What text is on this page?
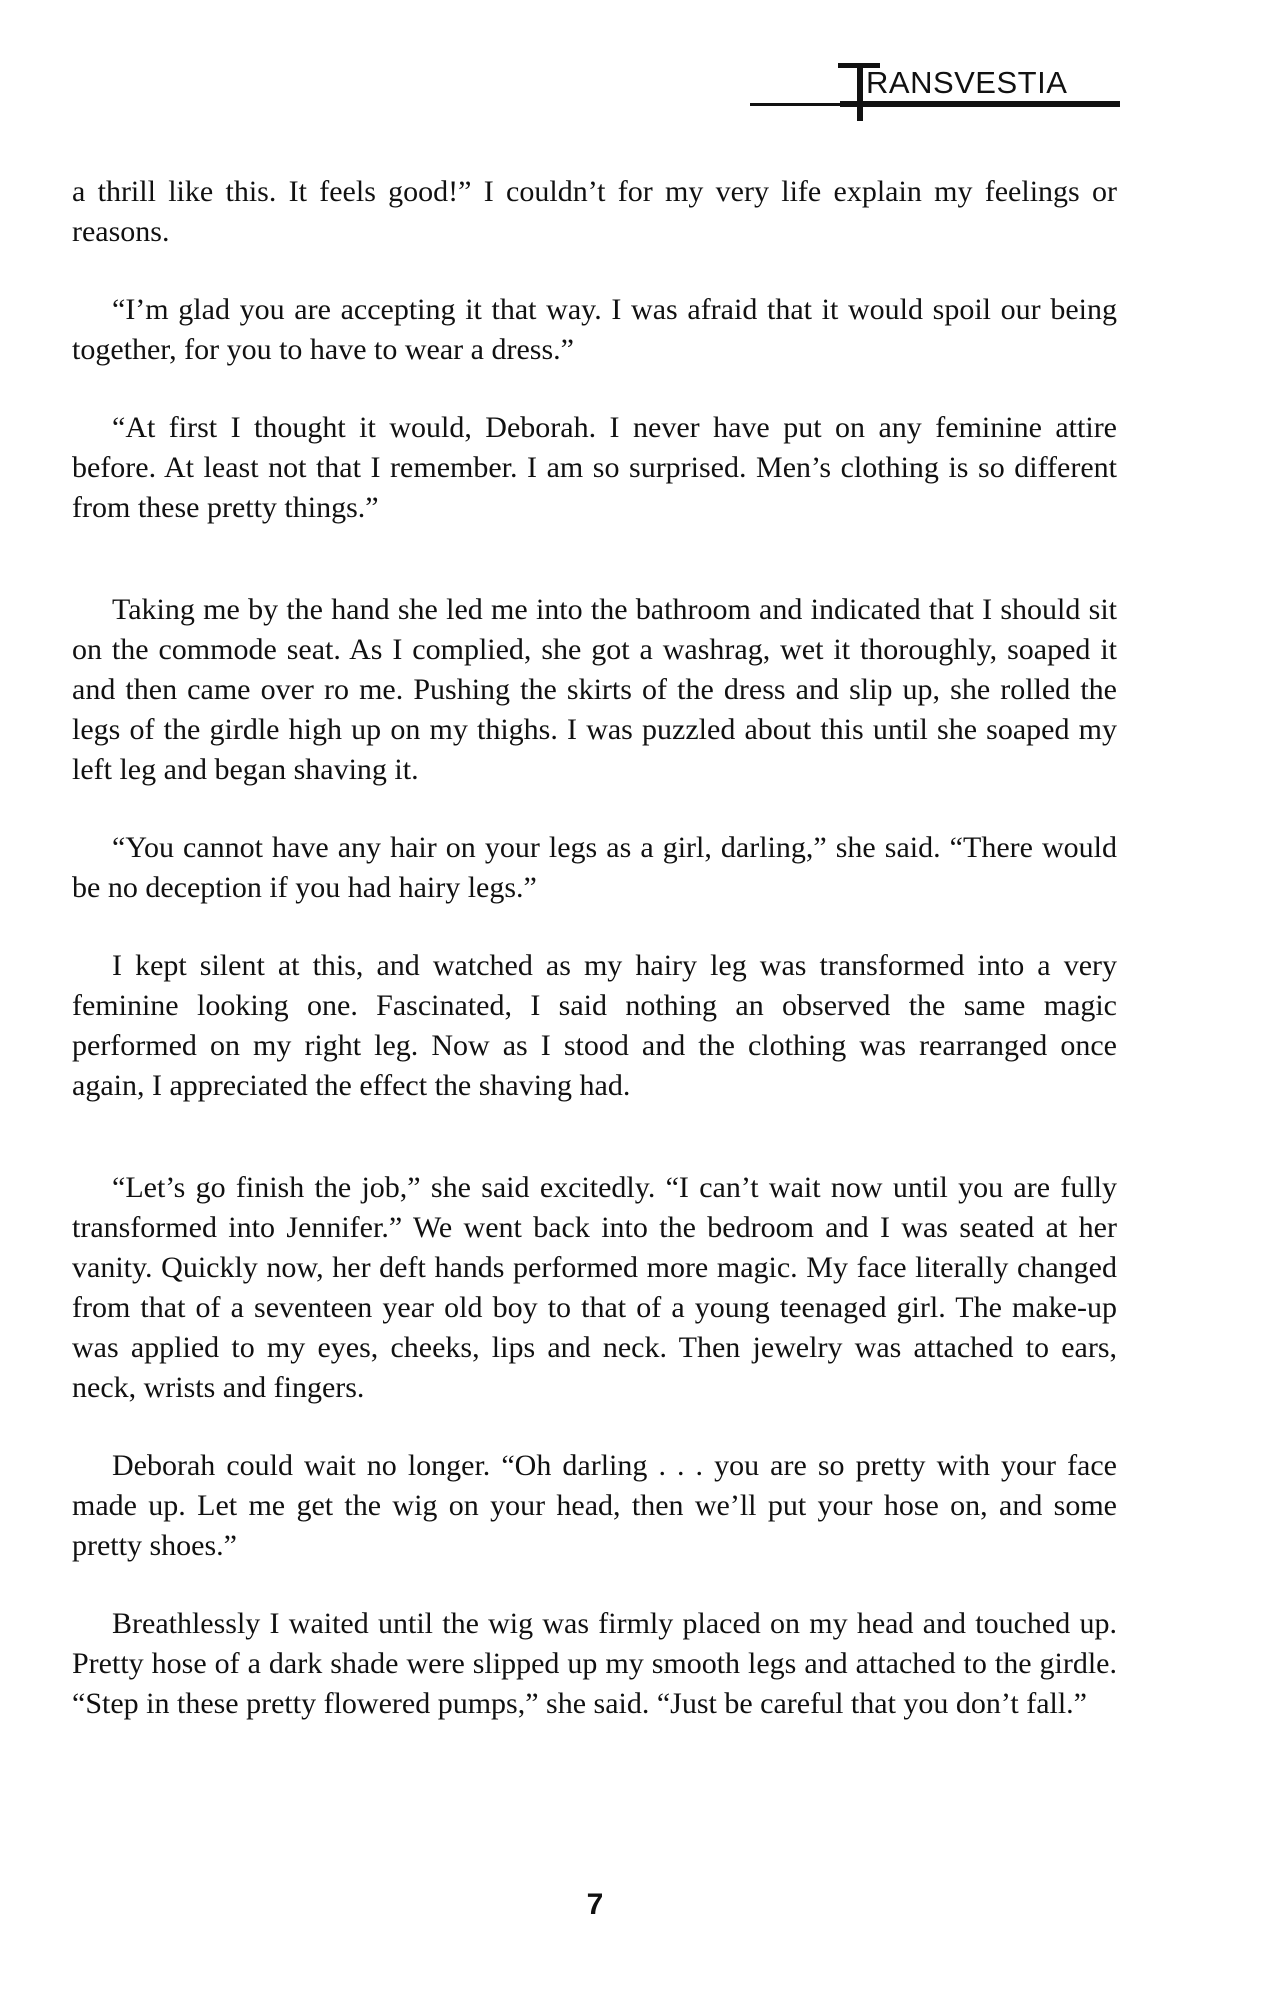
RANSVESTIA

a thrill like this. It feels good!” I couldn’t for my very life explain my feelings or reasons.

“I’m glad you are accepting it that way. I was afraid that it would spoil our being together, for you to have to wear a dress.”

“At first I thought it would, Deborah. I never have put on any feminine attire before. At least not that I remember. I am so surprised. Men’s clothing is so different from these pretty things.”

Taking me by the hand she led me into the bathroom and indicated that I should sit on the commode seat. As I complied, she got a washrag, wet it thoroughly, soaped it and then came over ro me. Pushing the skirts of the dress and slip up, she rolled the legs of the girdle high up on my thighs. I was puzzled about this until she soaped my left leg and began shaving it.

“You cannot have any hair on your legs as a girl, darling,” she said. “There would be no deception if you had hairy legs.”

I kept silent at this, and watched as my hairy leg was transformed into a very feminine looking one. Fascinated, I said nothing an observed the same magic performed on my right leg. Now as I stood and the clothing was rearranged once again, I appreciated the effect the shaving had.

“Let’s go finish the job,” she said excitedly. “I can’t wait now until you are fully transformed into Jennifer.” We went back into the bedroom and I was seated at her vanity. Quickly now, her deft hands performed more magic. My face literally changed from that of a seventeen year old boy to that of a young teenaged girl. The make-up was applied to my eyes, cheeks, lips and neck. Then jewelry was attached to ears, neck, wrists and fingers.

Deborah could wait no longer. “Oh darling . . . you are so pretty with your face made up. Let me get the wig on your head, then we’ll put your hose on, and some pretty shoes.”

Breathlessly I waited until the wig was firmly placed on my head and touched up. Pretty hose of a dark shade were slipped up my smooth legs and attached to the girdle. “Step in these pretty flowered pumps,” she said. “Just be careful that you don’t fall.”

7
